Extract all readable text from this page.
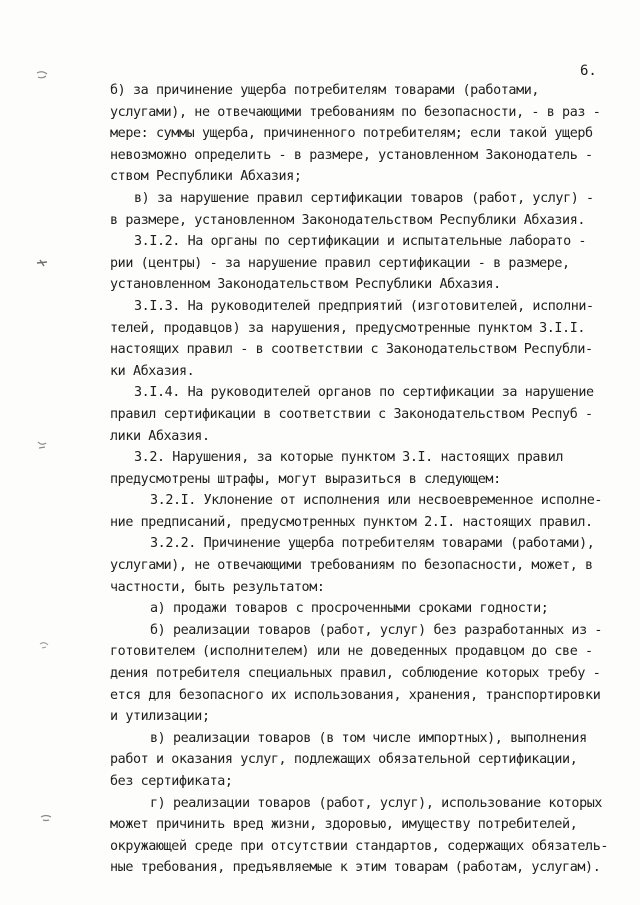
6.
б) за причинение ущерба потребителям товарами (работами,
услугами), не отвечающими требованиям по безопасности, - в раз -
мере: суммы ущерба, причиненного потребителям; если такой ущерб
невозможно определить - в размере, установленном Законодатель -
ством Республики Абхазия;
в) за нарушение правил сертификации товаров (работ, услуг) -
в размере, установленном Законодательством Республики Абхазия.
3.I.2. На органы по сертификации и испытательные лаборато -
рии (центры) - за нарушение правил сертификации - в размере,
установленном Законодательством Республики Абхазия.
3.I.3. На руководителей предприятий (изготовителей, исполни-
телей, продавцов) за нарушения, предусмотренные пунктом 3.I.I.
настоящих правил - в соответствии с Законодательством Республи-
ки Абхазия.
3.I.4. На руководителей органов по сертификации за нарушение
правил сертификации в соответствии с Законодательством Респуб -
лики Абхазия.
3.2. Нарушения, за которые пунктом 3.I. настоящих правил
предусмотрены штрафы, могут выразиться в следующем:
3.2.I. Уклонение от исполнения или несвоевременное исполне-
ние предписаний, предусмотренных пунктом 2.I. настоящих правил.
3.2.2. Причинение ущерба потребителям товарами (работами),
услугами), не отвечающими требованиям по безопасности, может, в
частности, быть результатом:
а) продажи товаров с просроченными сроками годности;
б) реализации товаров (работ, услуг) без разработанных из -
готовителем (исполнителем) или не доведенных продавцом до све -
дения потребителя специальных правил, соблюдение которых требу -
ется для безопасного их использования, хранения, транспортировки
и утилизации;
в) реализации товаров (в том числе импортных), выполнения
работ и оказания услуг, подлежащих обязательной сертификации,
без сертификата;
г) реализации товаров (работ, услуг), использование которых
может причинить вред жизни, здоровью, имуществу потребителей,
окружающей среде при отсутствии стандартов, содержащих обязатель-
ные требования, предъявляемые к этим товарам (работам, услугам).
